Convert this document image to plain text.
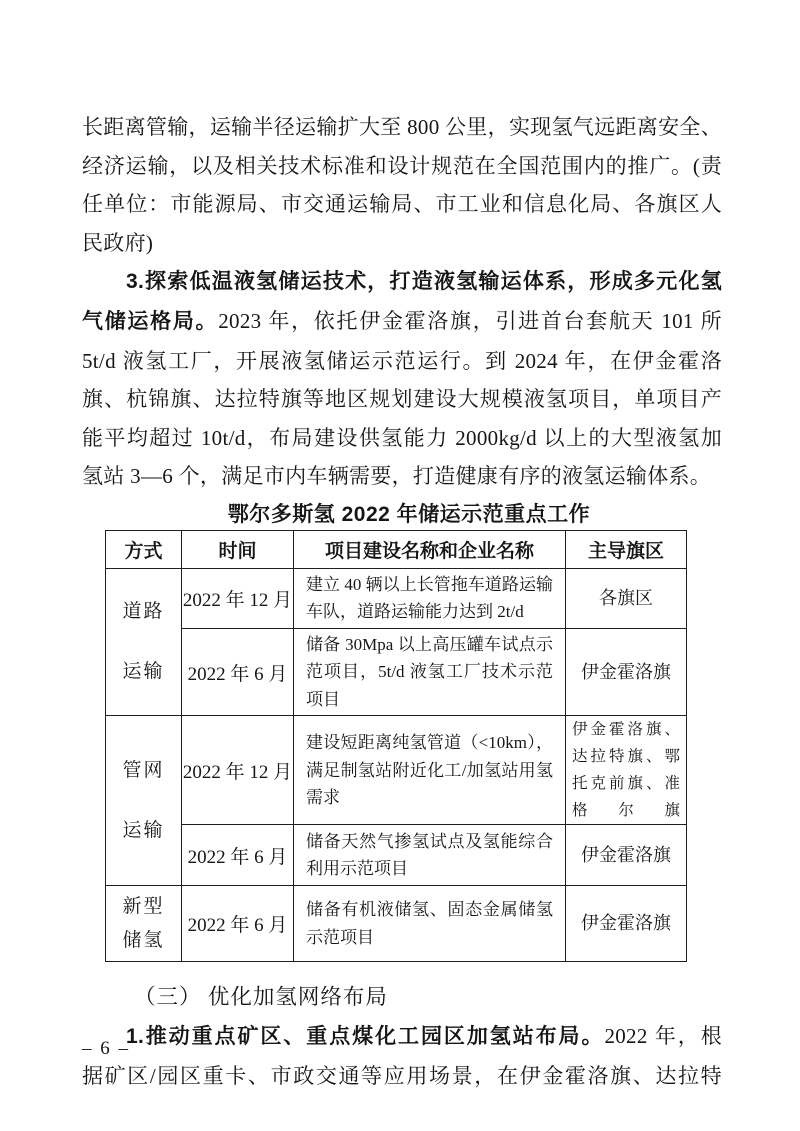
长距离管输，运输半径运输扩大至 800 公里，实现氢气远距离安全、
经济运输，以及相关技术标准和设计规范在全国范围内的推广。(责
任单位：市能源局、市交通运输局、市工业和信息化局、各旗区人
民政府)
3.探索低温液氢储运技术，打造液氢输运体系，形成多元化氢
气储运格局。2023 年，依托伊金霍洛旗，引进首台套航天 101 所
5t/d 液氢工厂，开展液氢储运示范运行。到 2024 年，在伊金霍洛
旗、杭锦旗、达拉特旗等地区规划建设大规模液氢项目，单项目产
能平均超过 10t/d，布局建设供氢能力 2000kg/d 以上的大型液氢加
氢站 3—6 个，满足市内车辆需要，打造健康有序的液氢运输体系。
鄂尔多斯氢 2022 年储运示范重点工作
方式	时间	项目建设名称和企业名称	主导旗区

道路
运输	2022 年 12 月	建立 40 辆以上长管拖车道路运输车队，道路运输能力达到 2t/d	各旗区
	2022 年 6 月	储备 30Mpa 以上高压罐车试点示范项目，5t/d 液氢工厂技术示范项目	伊金霍洛旗

管网
运输	2022 年 12 月	建设短距离纯氢管道（<10km），满足制氢站附近化工/加氢站用氢需求	伊金霍洛旗、达拉特旗、鄂托克前旗、准格尔旗
	2022 年 6 月	储备天然气掺氢试点及氢能综合利用示范项目	伊金霍洛旗

新型
储氢	2022 年 6 月	储备有机液储氢、固态金属储氢示范项目	伊金霍洛旗
（三） 优化加氢网络布局
1.推动重点矿区、重点煤化工园区加氢站布局。2022 年，根
据矿区/园区重卡、市政交通等应用场景，在伊金霍洛旗、达拉特
– 6 –
